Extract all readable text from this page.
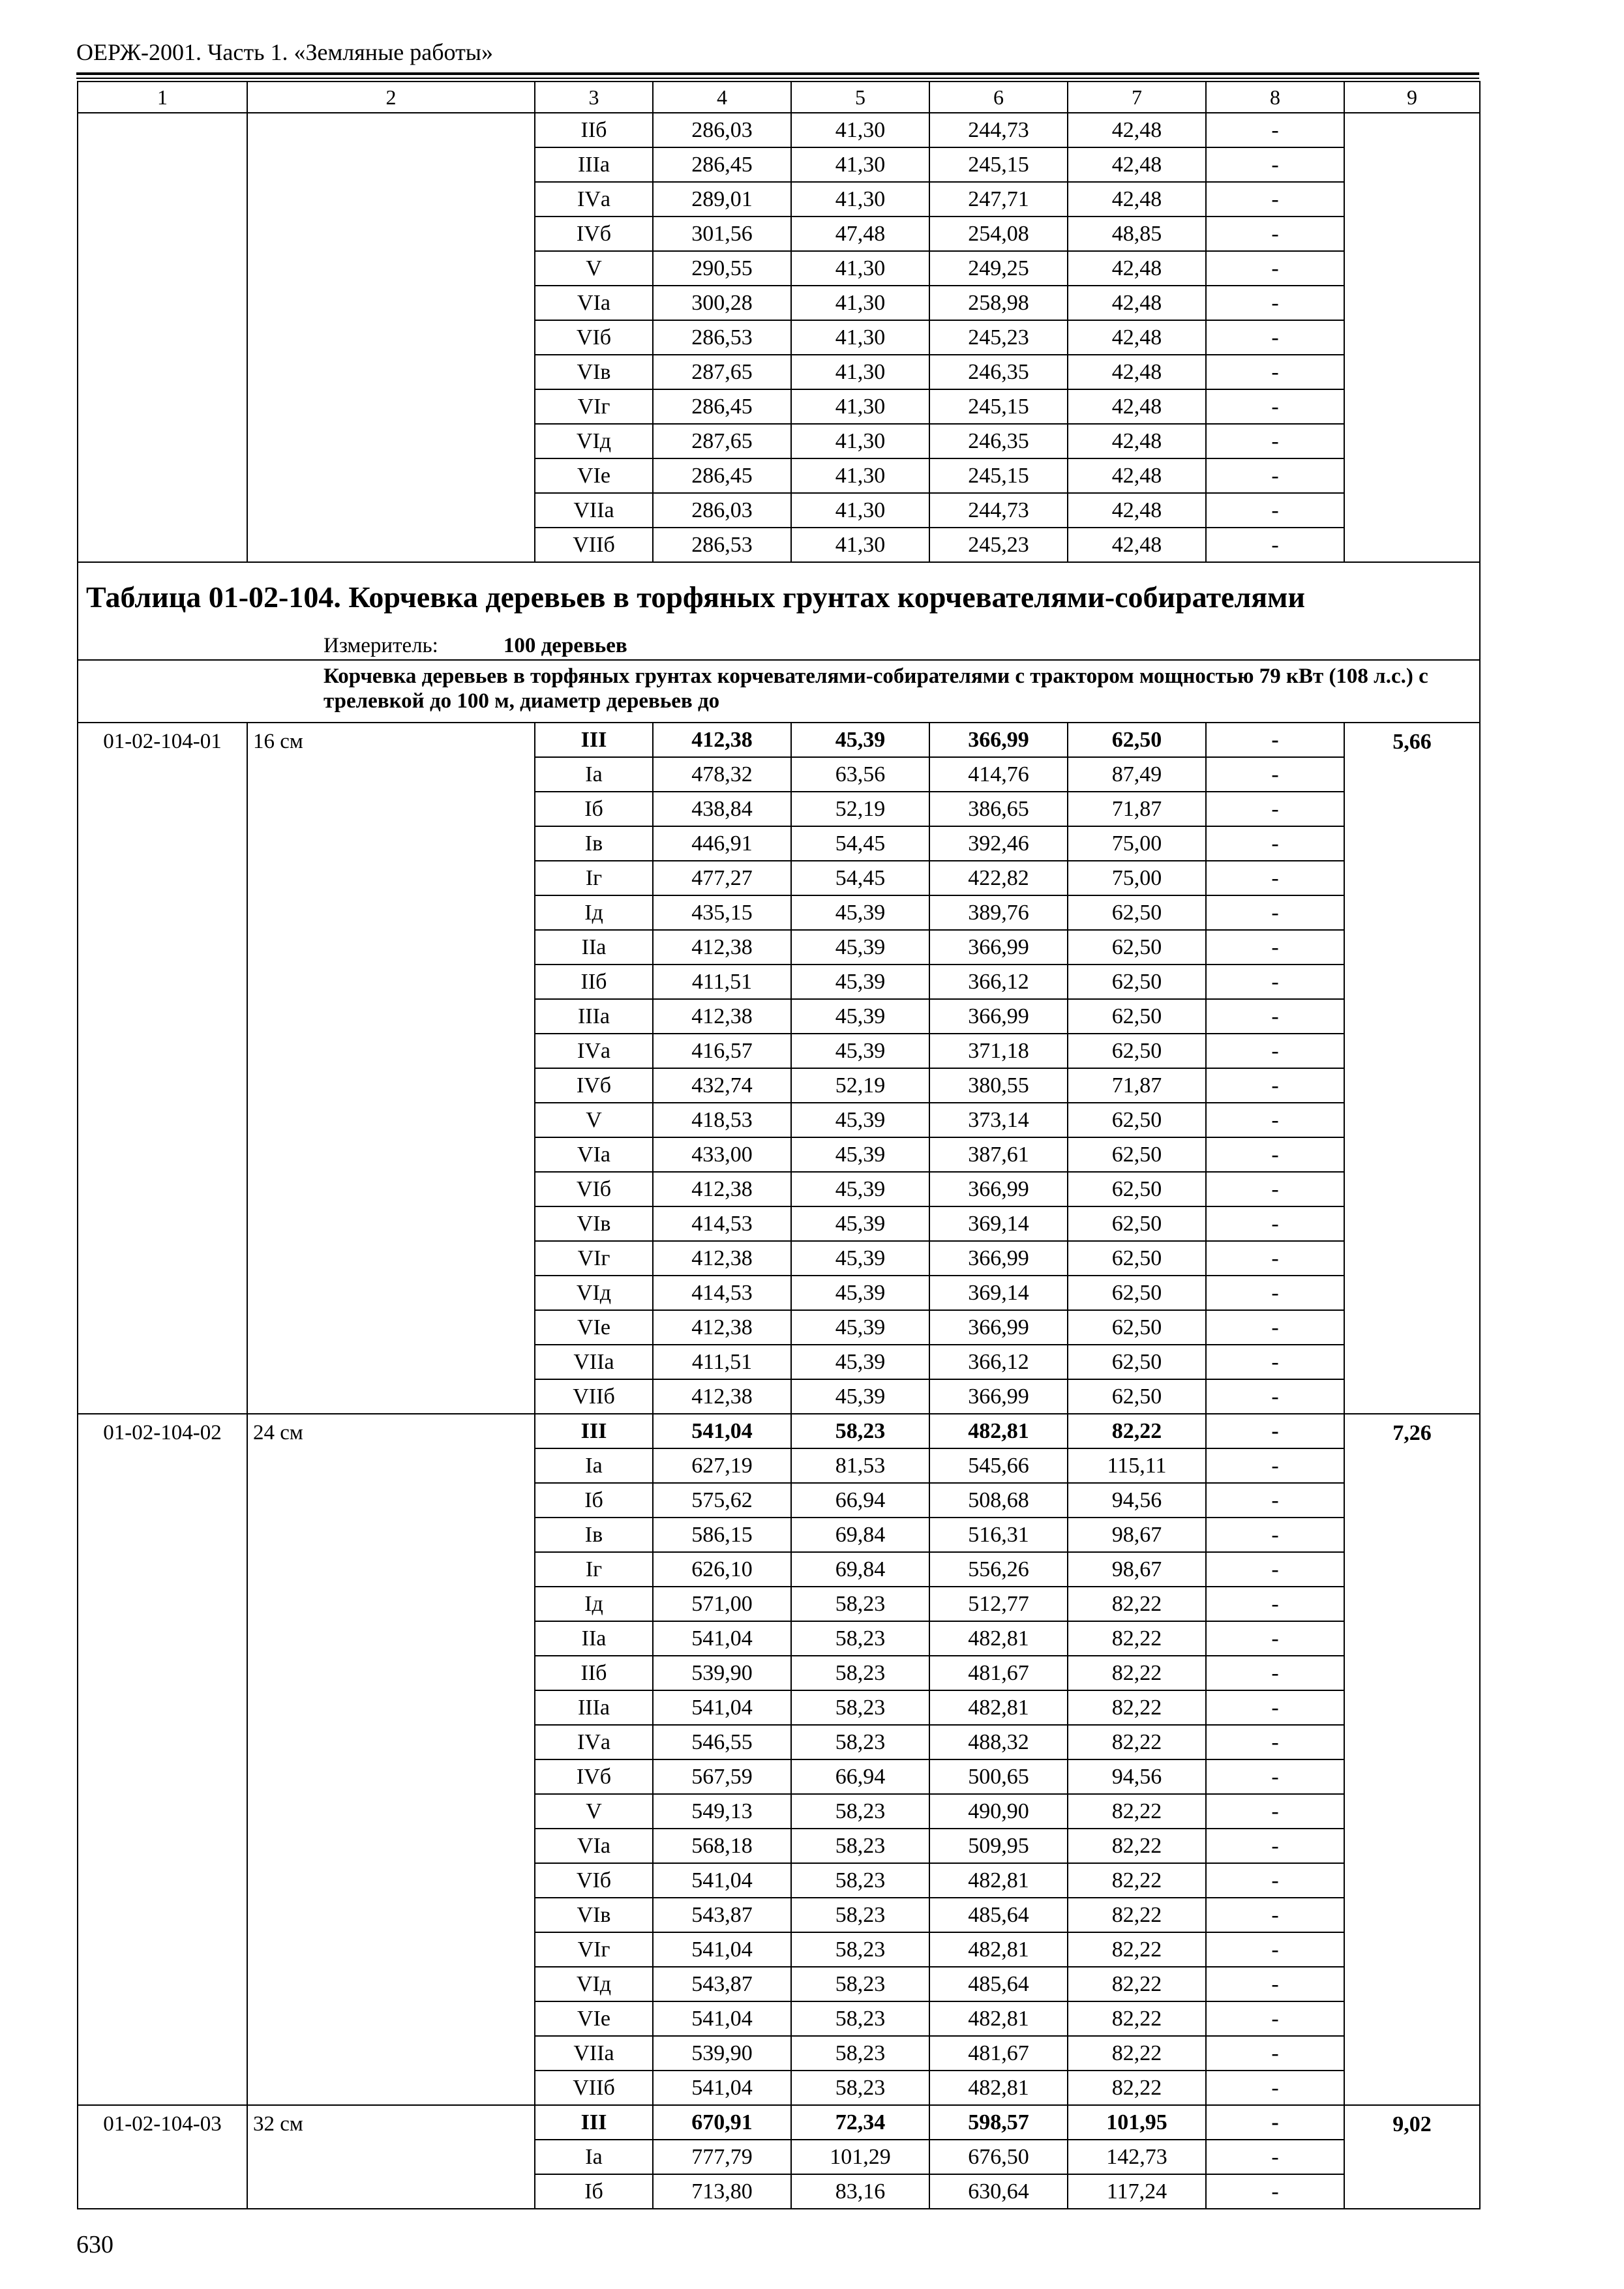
ОЕРЖ-2001. Часть 1. «Земляные работы»
1	2	3	4	5	6	7	8	9
		IIб	286,03	41,30	244,73	42,48	-	
		IIIа	286,45	41,30	245,15	42,48	-	
		IVа	289,01	41,30	247,71	42,48	-	
		IVб	301,56	47,48	254,08	48,85	-	
		V	290,55	41,30	249,25	42,48	-	
		VIа	300,28	41,30	258,98	42,48	-	
		VIб	286,53	41,30	245,23	42,48	-	
		VIв	287,65	41,30	246,35	42,48	-	
		VIг	286,45	41,30	245,15	42,48	-	
		VIд	287,65	41,30	246,35	42,48	-	
		VIе	286,45	41,30	245,15	42,48	-	
		VIIа	286,03	41,30	244,73	42,48	-	
		VIIб	286,53	41,30	245,23	42,48	-	
Таблица 01-02-104. Корчевка деревьев в торфяных грунтах корчевателями-собирателями								
Измеритель: 100 деревьев								
Корчевка деревьев в торфяных грунтах корчевателями-собирателями с трактором мощностью 79 кВт (108 л.с.) с трелевкой до 100 м, диаметр деревьев до								
01-02-104-01	16 см	III	412,38	45,39	366,99	62,50	-	5,66
		Iа	478,32	63,56	414,76	87,49	-	
		Iб	438,84	52,19	386,65	71,87	-	
		Iв	446,91	54,45	392,46	75,00	-	
		Iг	477,27	54,45	422,82	75,00	-	
		Iд	435,15	45,39	389,76	62,50	-	
		IIа	412,38	45,39	366,99	62,50	-	
		IIб	411,51	45,39	366,12	62,50	-	
		IIIа	412,38	45,39	366,99	62,50	-	
		IVа	416,57	45,39	371,18	62,50	-	
		IVб	432,74	52,19	380,55	71,87	-	
		V	418,53	45,39	373,14	62,50	-	
		VIа	433,00	45,39	387,61	62,50	-	
		VIб	412,38	45,39	366,99	62,50	-	
		VIв	414,53	45,39	369,14	62,50	-	
		VIг	412,38	45,39	366,99	62,50	-	
		VIд	414,53	45,39	369,14	62,50	-	
		VIе	412,38	45,39	366,99	62,50	-	
		VIIа	411,51	45,39	366,12	62,50	-	
		VIIб	412,38	45,39	366,99	62,50	-	
01-02-104-02	24 см	III	541,04	58,23	482,81	82,22	-	7,26
		Iа	627,19	81,53	545,66	115,11	-	
		Iб	575,62	66,94	508,68	94,56	-	
		Iв	586,15	69,84	516,31	98,67	-	
		Iг	626,10	69,84	556,26	98,67	-	
		Iд	571,00	58,23	512,77	82,22	-	
		IIа	541,04	58,23	482,81	82,22	-	
		IIб	539,90	58,23	481,67	82,22	-	
		IIIа	541,04	58,23	482,81	82,22	-	
		IVа	546,55	58,23	488,32	82,22	-	
		IVб	567,59	66,94	500,65	94,56	-	
		V	549,13	58,23	490,90	82,22	-	
		VIа	568,18	58,23	509,95	82,22	-	
		VIб	541,04	58,23	482,81	82,22	-	
		VIв	543,87	58,23	485,64	82,22	-	
		VIг	541,04	58,23	482,81	82,22	-	
		VIд	543,87	58,23	485,64	82,22	-	
		VIе	541,04	58,23	482,81	82,22	-	
		VIIа	539,90	58,23	481,67	82,22	-	
		VIIб	541,04	58,23	482,81	82,22	-	
01-02-104-03	32 см	III	670,91	72,34	598,57	101,95	-	9,02
		Iа	777,79	101,29	676,50	142,73	-	
		Iб	713,80	83,16	630,64	117,24	-	
630
